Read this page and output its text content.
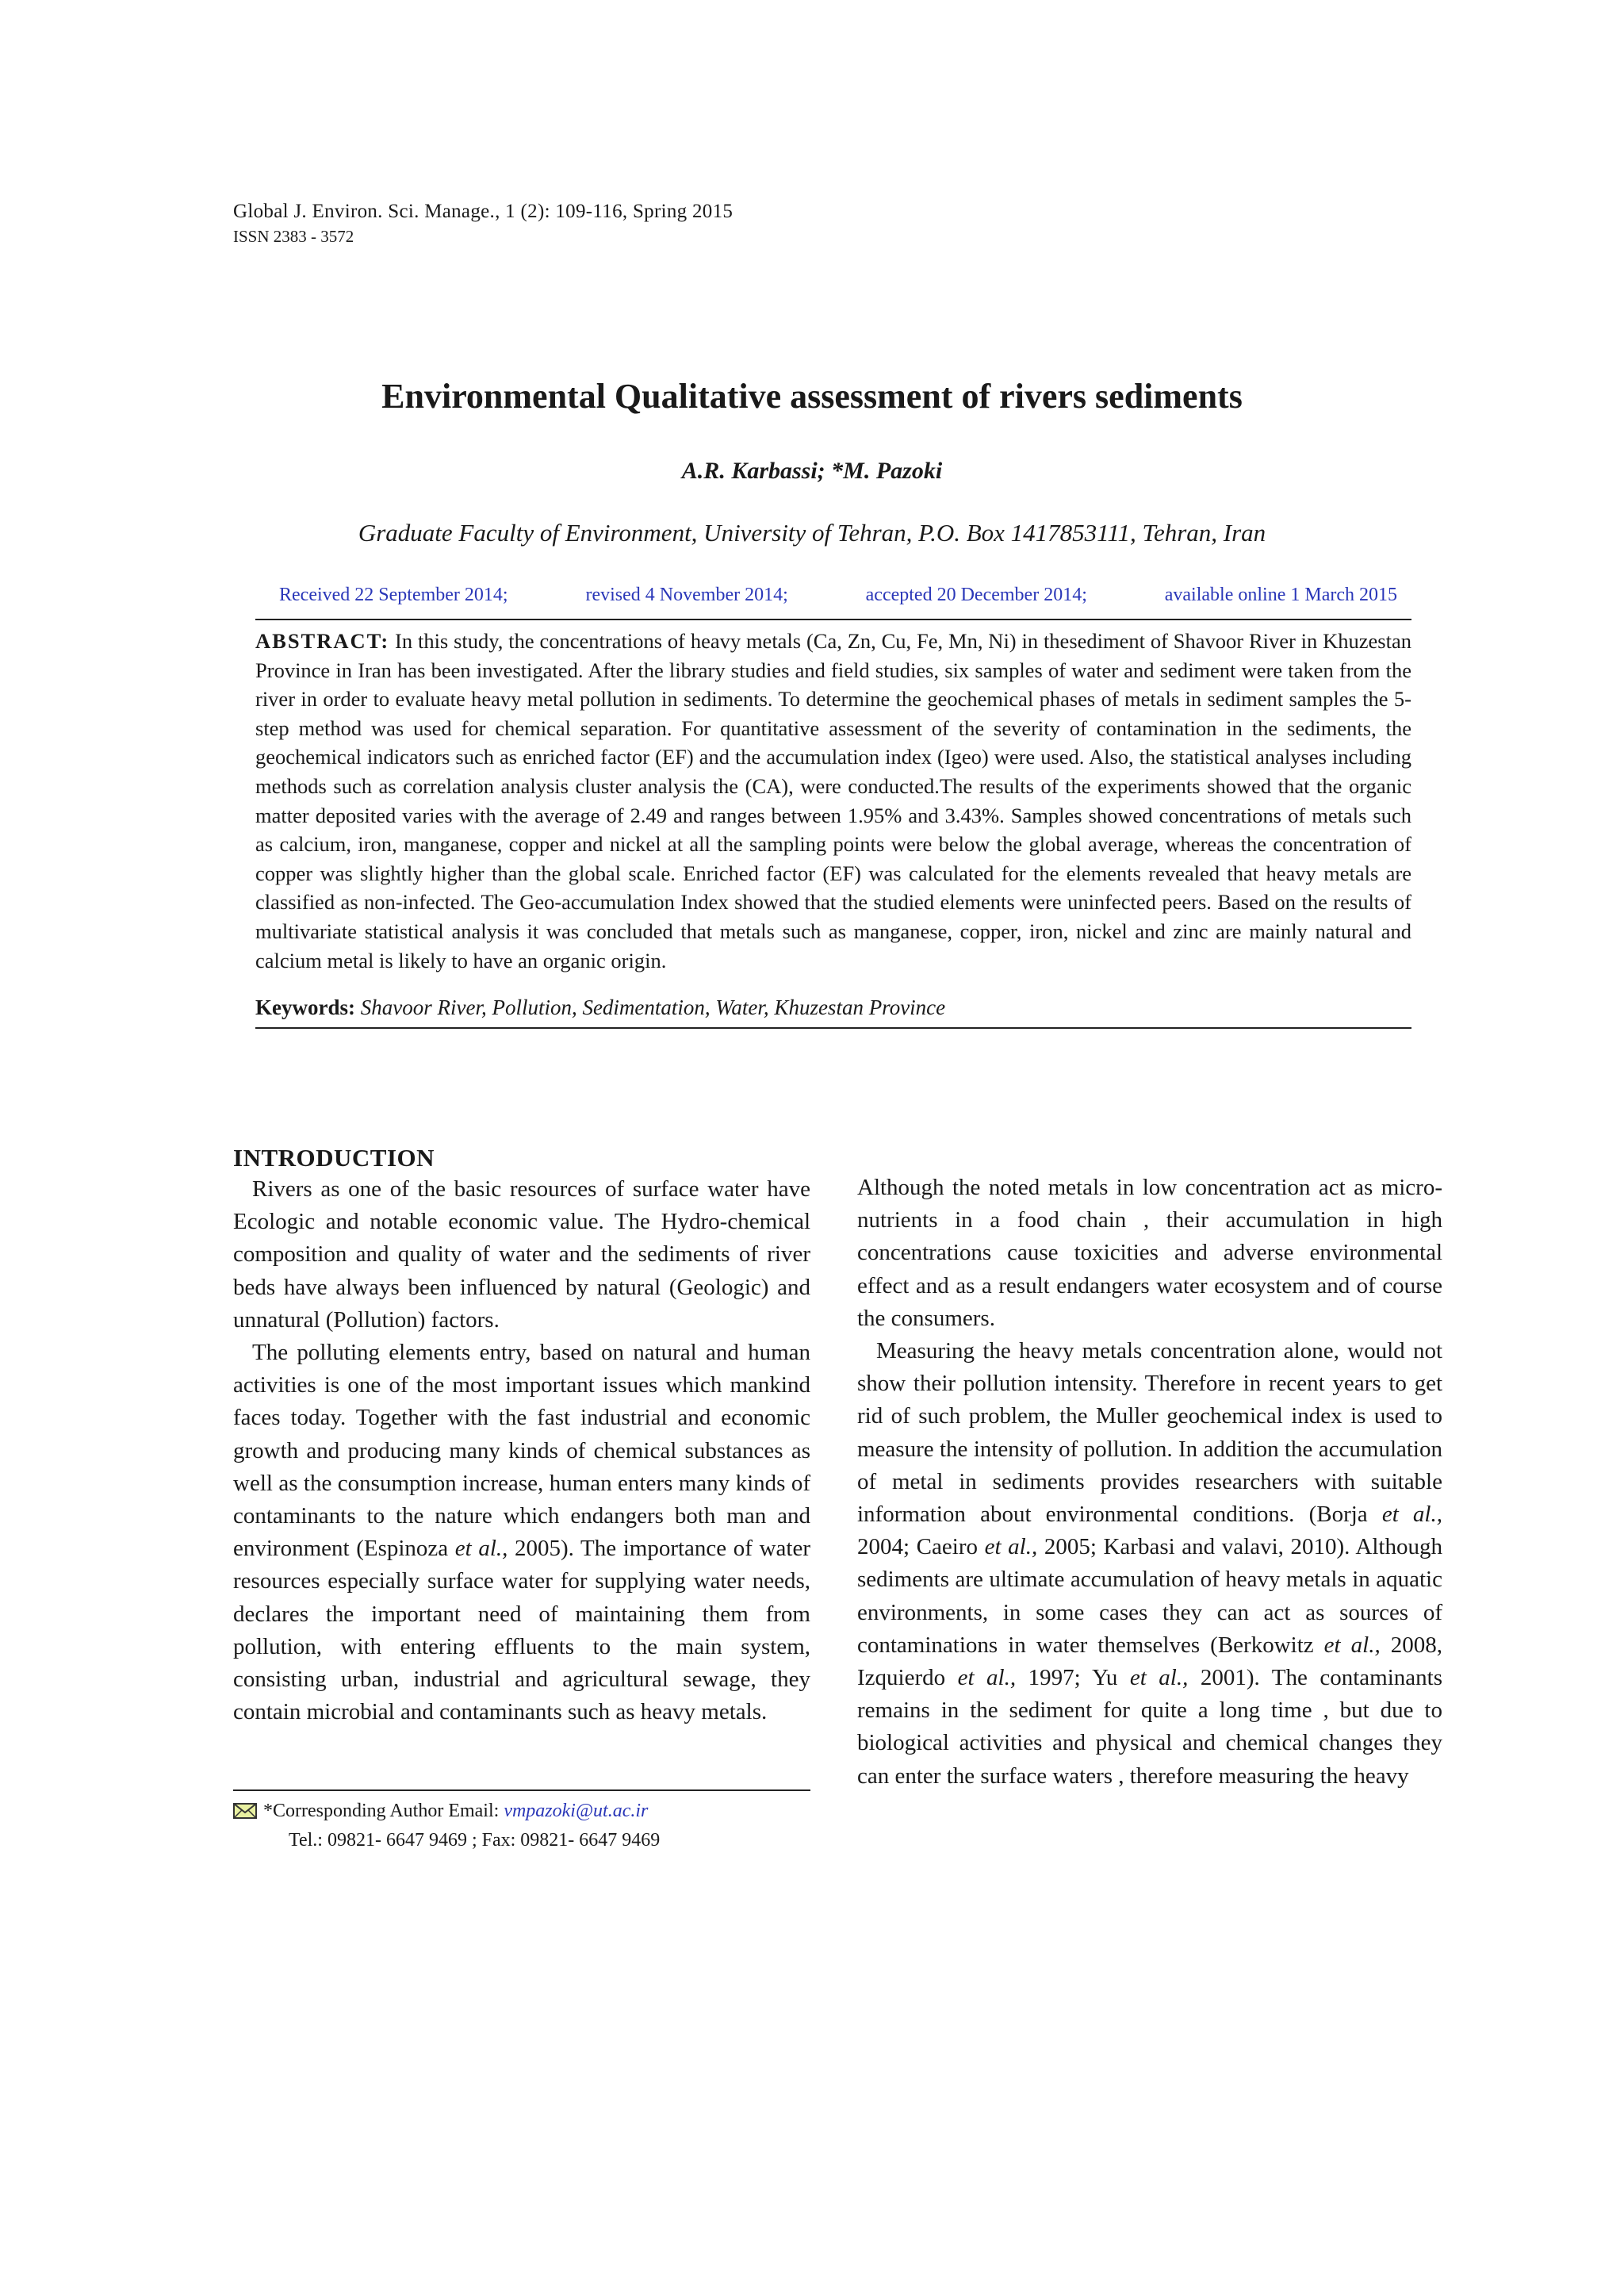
Global J. Environ. Sci. Manage., 1 (2): 109-116, Spring 2015
ISSN 2383 - 3572
Environmental Qualitative assessment of rivers sediments
A.R. Karbassi; *M. Pazoki
Graduate Faculty of Environment, University of Tehran, P.O. Box 1417853111, Tehran, Iran
Received 22 September 2014;	revised 4 November 2014;	accepted 20 December 2014;	available online 1 March 2015
ABSTRACT: In this study, the concentrations of heavy metals (Ca, Zn, Cu, Fe, Mn, Ni) in thesediment of Shavoor River in Khuzestan Province in Iran has been investigated. After the library studies and field studies, six samples of water and sediment were taken from the river in order to evaluate heavy metal pollution in sediments. To determine the geochemical phases of metals in sediment samples the 5-step method was used for chemical separation. For quantitative assessment of the severity of contamination in the sediments, the geochemical indicators such as enriched factor (EF) and the accumulation index (Igeo) were used. Also, the statistical analyses including methods such as correlation analysis cluster analysis the (CA), were conducted.The results of the experiments showed that the organic matter deposited varies with the average of 2.49 and ranges between 1.95% and 3.43%. Samples showed concentrations of metals such as calcium, iron, manganese, copper and nickel at all the sampling points were below the global average, whereas the concentration of copper was slightly higher than the global scale. Enriched factor (EF) was calculated for the elements revealed that heavy metals are classified as non-infected. The Geo-accumulation Index showed that the studied elements were uninfected peers. Based on the results of multivariate statistical analysis it was concluded that metals such as manganese, copper, iron, nickel and zinc are mainly natural and calcium metal is likely to have an organic origin.
Keywords: Shavoor River, Pollution, Sedimentation, Water, Khuzestan Province
INTRODUCTION

Rivers as one of the basic resources of surface water have Ecologic and notable economic value. The Hydro-chemical composition and quality of water and the sediments of river beds have always been influenced by natural (Geologic) and unnatural (Pollution) factors.

The polluting elements entry, based on natural and human activities is one of the most important issues which mankind faces today. Together with the fast industrial and economic growth and producing many kinds of chemical substances as well as the consumption increase, human enters many kinds of contaminants to the nature which endangers both man and environment (Espinoza et al., 2005). The importance of water resources especially surface water for supplying water needs, declares the important need of maintaining them from pollution, with entering effluents to the main system, consisting urban, industrial and agricultural sewage, they contain microbial and contaminants such as heavy metals.

*Corresponding Author Email: vmpazoki@ut.ac.ir
Tel.: 09821- 6647 9469 ; Fax: 09821- 6647 9469

Although the noted metals in low concentration act as micro-nutrients in a food chain , their accumulation in high concentrations cause toxicities and adverse environmental effect and as a result endangers water ecosystem and of course the consumers.

Measuring the heavy metals concentration alone, would not show their pollution intensity. Therefore in recent years to get rid of such problem, the Muller geochemical index is used to measure the intensity of pollution. In addition the accumulation of metal in sediments provides researchers with suitable information about environmental conditions. (Borja et al., 2004; Caeiro et al., 2005; Karbasi and valavi, 2010). Although sediments are ultimate accumulation of heavy metals in aquatic environments, in some cases they can act as sources of contaminations in water themselves (Berkowitz et al., 2008, Izquierdo et al., 1997; Yu et al., 2001). The contaminants remains in the sediment for quite a long time , but due to biological activities and physical and chemical changes they can enter the surface waters , therefore measuring the heavy
